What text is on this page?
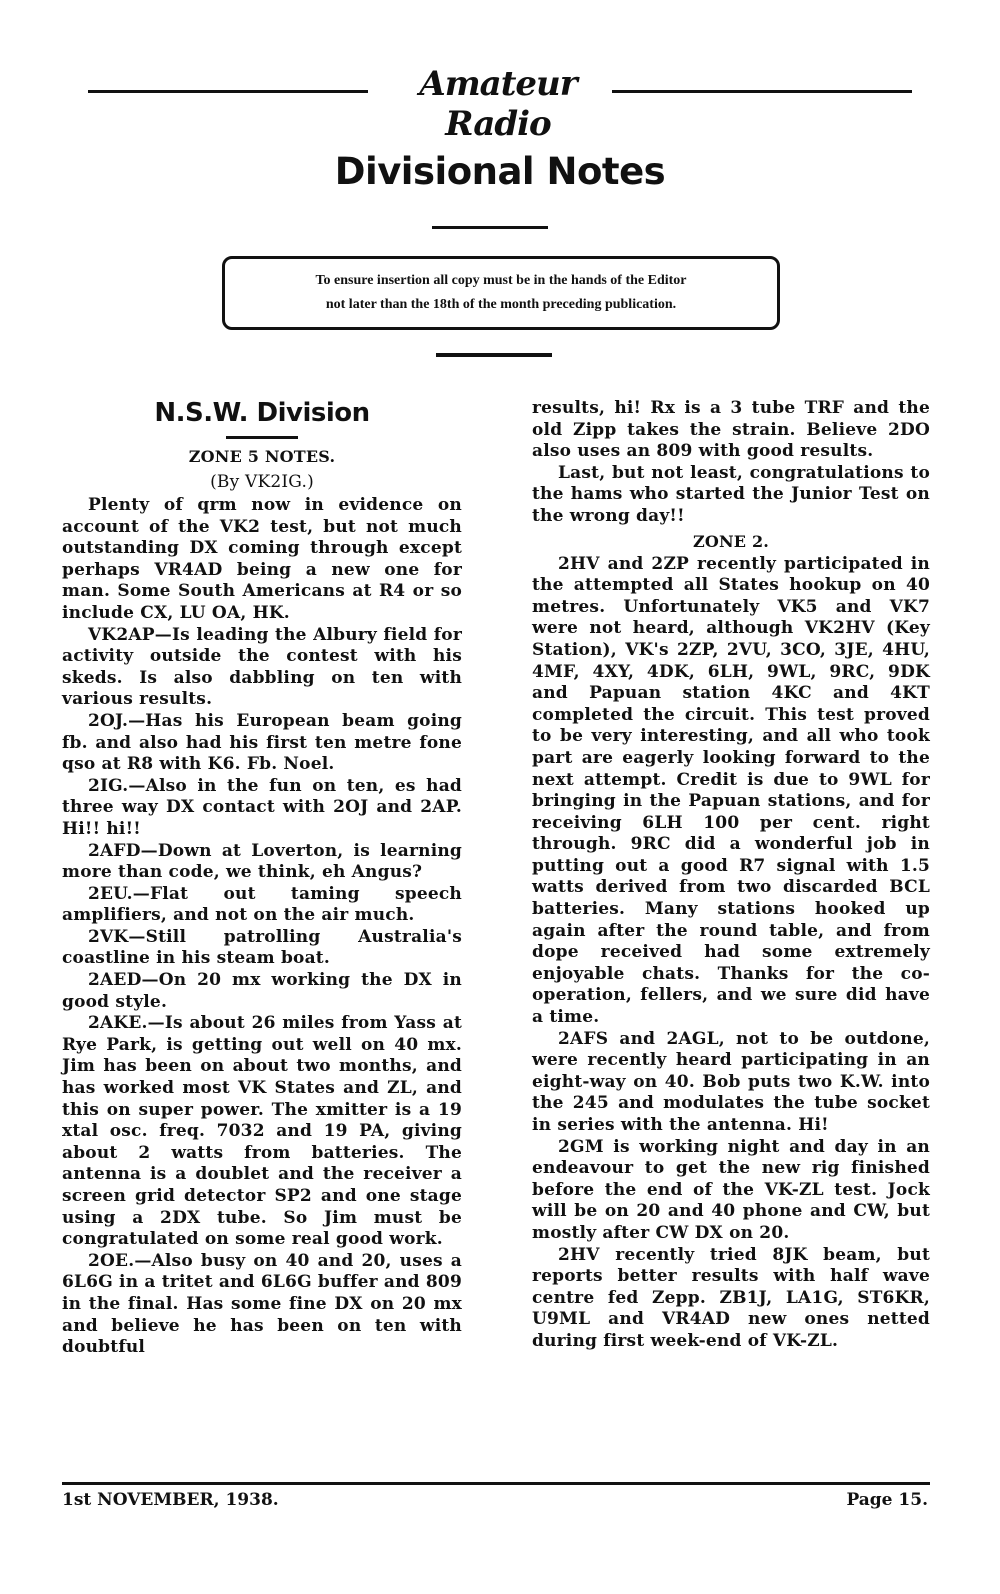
Amateur Radio
Divisional Notes

To ensure insertion all copy must be in the hands of the Editor
not later than the 18th of the month preceding publication.

N.S.W. Division
ZONE 5 NOTES.

(By VK2IG.)

Plenty of qrm now in evidence on account of the VK2 test, but not much outstanding DX coming through except perhaps VR4AD being a new one for man. Some South Americans at R4 or so include CX, LU OA, HK.

VK2AP—Is leading the Albury field for activity outside the contest with his skeds. Is also dabbling on ten with various results.

2OJ.—Has his European beam going fb. and also had his first ten metre fone qso at R8 with K6. Fb. Noel.

2IG.—Also in the fun on ten, es had three way DX contact with 2OJ and 2AP. Hi!! hi!!

2AFD—Down at Loverton, is learning more than code, we think, eh Angus?

2EU.—Flat out taming speech amplifiers, and not on the air much.

2VK—Still patrolling Australia's coastline in his steam boat.

2AED—On 20 mx working the DX in good style.

2AKE.—Is about 26 miles from Yass at Rye Park, is getting out well on 40 mx. Jim has been on about two months, and has worked most VK States and ZL, and this on super power. The xmitter is a 19 xtal osc. freq. 7032 and 19 PA, giving about 2 watts from batteries. The antenna is a doublet and the receiver a screen grid detector SP2 and one stage using a 2DX tube. So Jim must be congratulated on some real good work.

2OE.—Also busy on 40 and 20, uses a 6L6G in a tritet and 6L6G buffer and 809 in the final. Has some fine DX on 20 mx and believe he has been on ten with doubtful

results, hi! Rx is a 3 tube TRF and the old Zipp takes the strain. Believe 2DO also uses an 809 with good results.

Last, but not least, congratulations to the hams who started the Junior Test on the wrong day!!

ZONE 2.

2HV and 2ZP recently participated in the attempted all States hookup on 40 metres. Unfortunately VK5 and VK7 were not heard, although VK2HV (Key Station), VK's 2ZP, 2VU, 3CO, 3JE, 4HU, 4MF, 4XY, 4DK, 6LH, 9WL, 9RC, 9DK and Papuan station 4KC and 4KT completed the circuit. This test proved to be very interesting, and all who took part are eagerly looking forward to the next attempt. Credit is due to 9WL for bringing in the Papuan stations, and for receiving 6LH 100 per cent. right through. 9RC did a wonderful job in putting out a good R7 signal with 1.5 watts derived from two discarded BCL batteries. Many stations hooked up again after the round table, and from dope received had some extremely enjoyable chats. Thanks for the co-operation, fellers, and we sure did have a time.

2AFS and 2AGL, not to be outdone, were recently heard participating in an eight-way on 40. Bob puts two K.W. into the 245 and modulates the tube socket in series with the antenna. Hi!

2GM is working night and day in an endeavour to get the new rig finished before the end of the VK-ZL test. Jock will be on 20 and 40 phone and CW, but mostly after CW DX on 20.

2HV recently tried 8JK beam, but reports better results with half wave centre fed Zepp. ZB1J, LA1G, ST6KR, U9ML and VR4AD new ones netted during first week-end of VK-ZL.

1st NOVEMBER, 1938.	Page 15.
